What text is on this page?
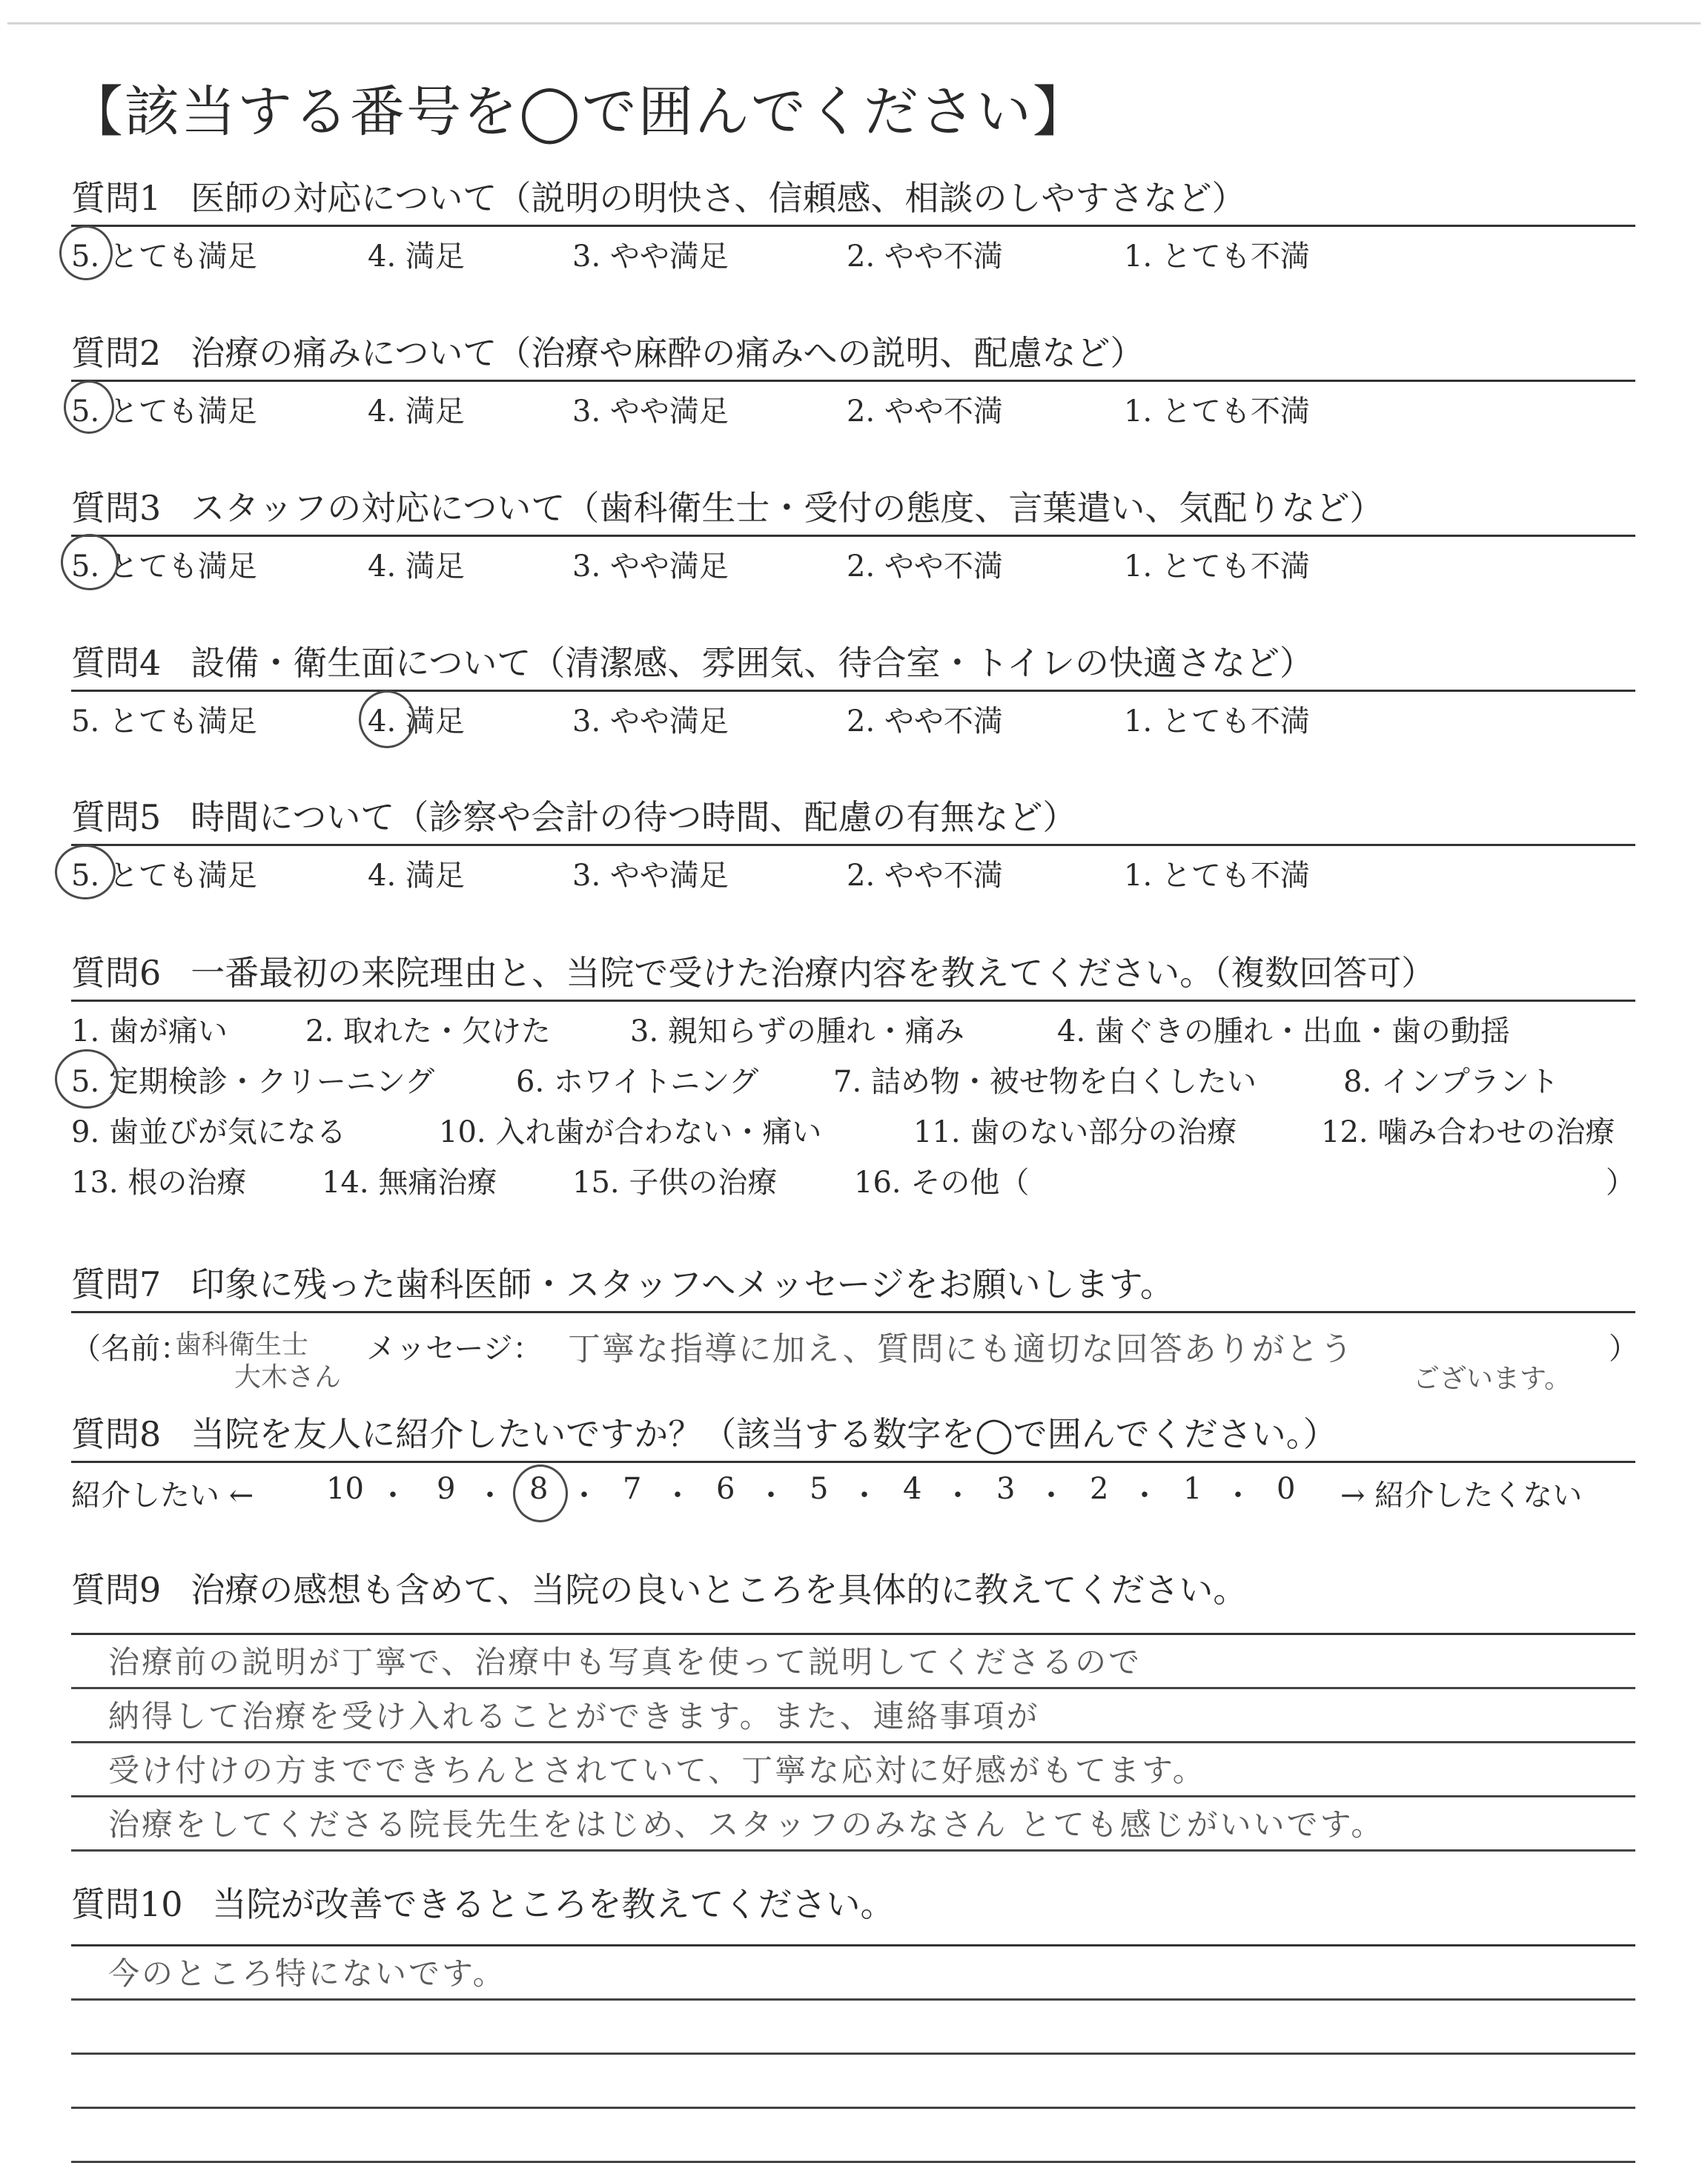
【該当する番号を◯で囲んでください】
質問1 医師の対応について（説明の明快さ、信頼感、相談のしやすさなど）
5. とても満足	4. 満足	3. やや満足	2. やや不満	1. とても不満
質問2 治療の痛みについて（治療や麻酔の痛みへの説明、配慮など）
5. とても満足	4. 満足	3. やや満足	2. やや不満	1. とても不満
質問3 スタッフの対応について（歯科衛生士・受付の態度、言葉遣い、気配りなど）
5. とても満足	4. 満足	3. やや満足	2. やや不満	1. とても不満
質問4 設備・衛生面について（清潔感、雰囲気、待合室・トイレの快適さなど）
5. とても満足	4. 満足	3. やや満足	2. やや不満	1. とても不満
質問5 時間について（診察や会計の待つ時間、配慮の有無など）
5. とても満足	4. 満足	3. やや満足	2. やや不満	1. とても不満
質問6 一番最初の来院理由と、当院で受けた治療内容を教えてください。（複数回答可）
1. 歯が痛い	2. 取れた・欠けた	3. 親知らずの腫れ・痛み	4. 歯ぐきの腫れ・出血・歯の動揺
5. 定期検診・クリーニング	6. ホワイトニング	7. 詰め物・被せ物を白くしたい	8. インプラント
9. 歯並びが気になる	10. 入れ歯が合わない・痛い	11. 歯のない部分の治療	12. 噛み合わせの治療
13. 根の治療	14. 無痛治療	15. 子供の治療	16. その他（	）
質問7 印象に残った歯科医師・スタッフへメッセージをお願いします。
（名前：
歯科衛生士
大木さん
メッセージ： 丁寧な指導に加え、質問にも適切な回答ありがとう
ございます。
）
質問8 当院を友人に紹介したいですか？（該当する数字を◯で囲んでください。）
紹介したい ← 10 ・ 9 ・ 8 ・ 7 ・ 6 ・ 5 ・ 4 ・ 3 ・ 2 ・ 1 ・ 0 → 紹介したくない
質問9 治療の感想も含めて、当院の良いところを具体的に教えてください。
治療前の説明が丁寧で、治療中も写真を使って説明してくださるので
納得して治療を受け入れることができます。また、連絡事項が
受け付けの方までできちんとされていて、丁寧な応対に好感がもてます。
治療をしてくださる院長先生をはじめ、スタッフのみなさん とても感じがいいです。
質問10 当院が改善できるところを教えてください。
今のところ特にないです。
